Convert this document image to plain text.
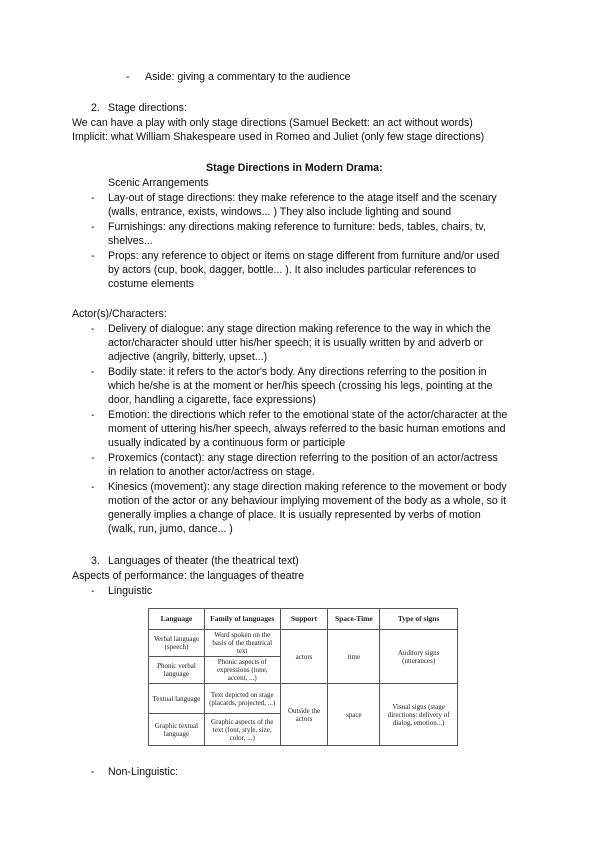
- Aside: giving a commentary to the audience
2. Stage directions:
We can have a play with only stage directions (Samuel Beckett: an act without words)
Implicit: what William Shakespeare used in Romeo and Juliet (only few stage directions)
Stage Directions in Modern Drama:
Scenic Arrangements
- Lay-out of stage directions: they make reference to the atage itself and the scenary
(walls, entrance, exists, windows... ) They also include lighting and sound
- Furnishings: any directions making reference to furniture: beds, tables, chairs, tv,
shelves...
- Props: any reference to object or items on stage different from furniture and/or used
by actors (cup, book, dagger, bottle... ). It also includes particular references to
costume elements
Actor(s)/Characters:
- Delivery of dialogue: any stage direction making reference to the way in which the
actor/character should utter his/her speech; it is usually written by and adverb or
adjective (angrily, bitterly, upset...)
- Bodily state: it refers to the actor's body. Any directions referring to the position in
which he/she is at the moment or her/his speech (crossing his legs, pointing at the
door, handling a cigarette, face expressions)
- Emotion: the directions which refer to the emotional state of the actor/character at the
moment of uttering his/her speech, always referred to the basic human emotions and
usually indicated by a continuous form or participle
- Proxemics (contact): any stage direction referring to the position of an actor/actress
in relation to another actor/actress on stage.
- Kinesics (movement): any stage direction making reference to the movement or body
motion of the actor or any behaviour implying movement of the body as a whole, so it
generally implies a change of place. It is usually represented by verbs of motion
(walk, run, jumo, dance... )
3. Languages of theater (the theatrical text)
Aspects of performance: the languages of theatre
- Linguistic
Language	Family of languages	Support	Space-Time	Type of signs
Verbal language (speech)	Word spoken on the basis of the theatrical text	actors	time	Auditory signs (utterances)
Phonic verbal language	Phonic aspects of expressions (tone, accent, ...)			
Textual language	Text depicted on stage (placards, projected, ...)	Outside the actors	space	Visual signs (stage directions: delivery of dialog, emotion...)
Graphic textual language	Graphic aspects of the text (font, style, size, color, ...)			
- Non-Linguistic:
